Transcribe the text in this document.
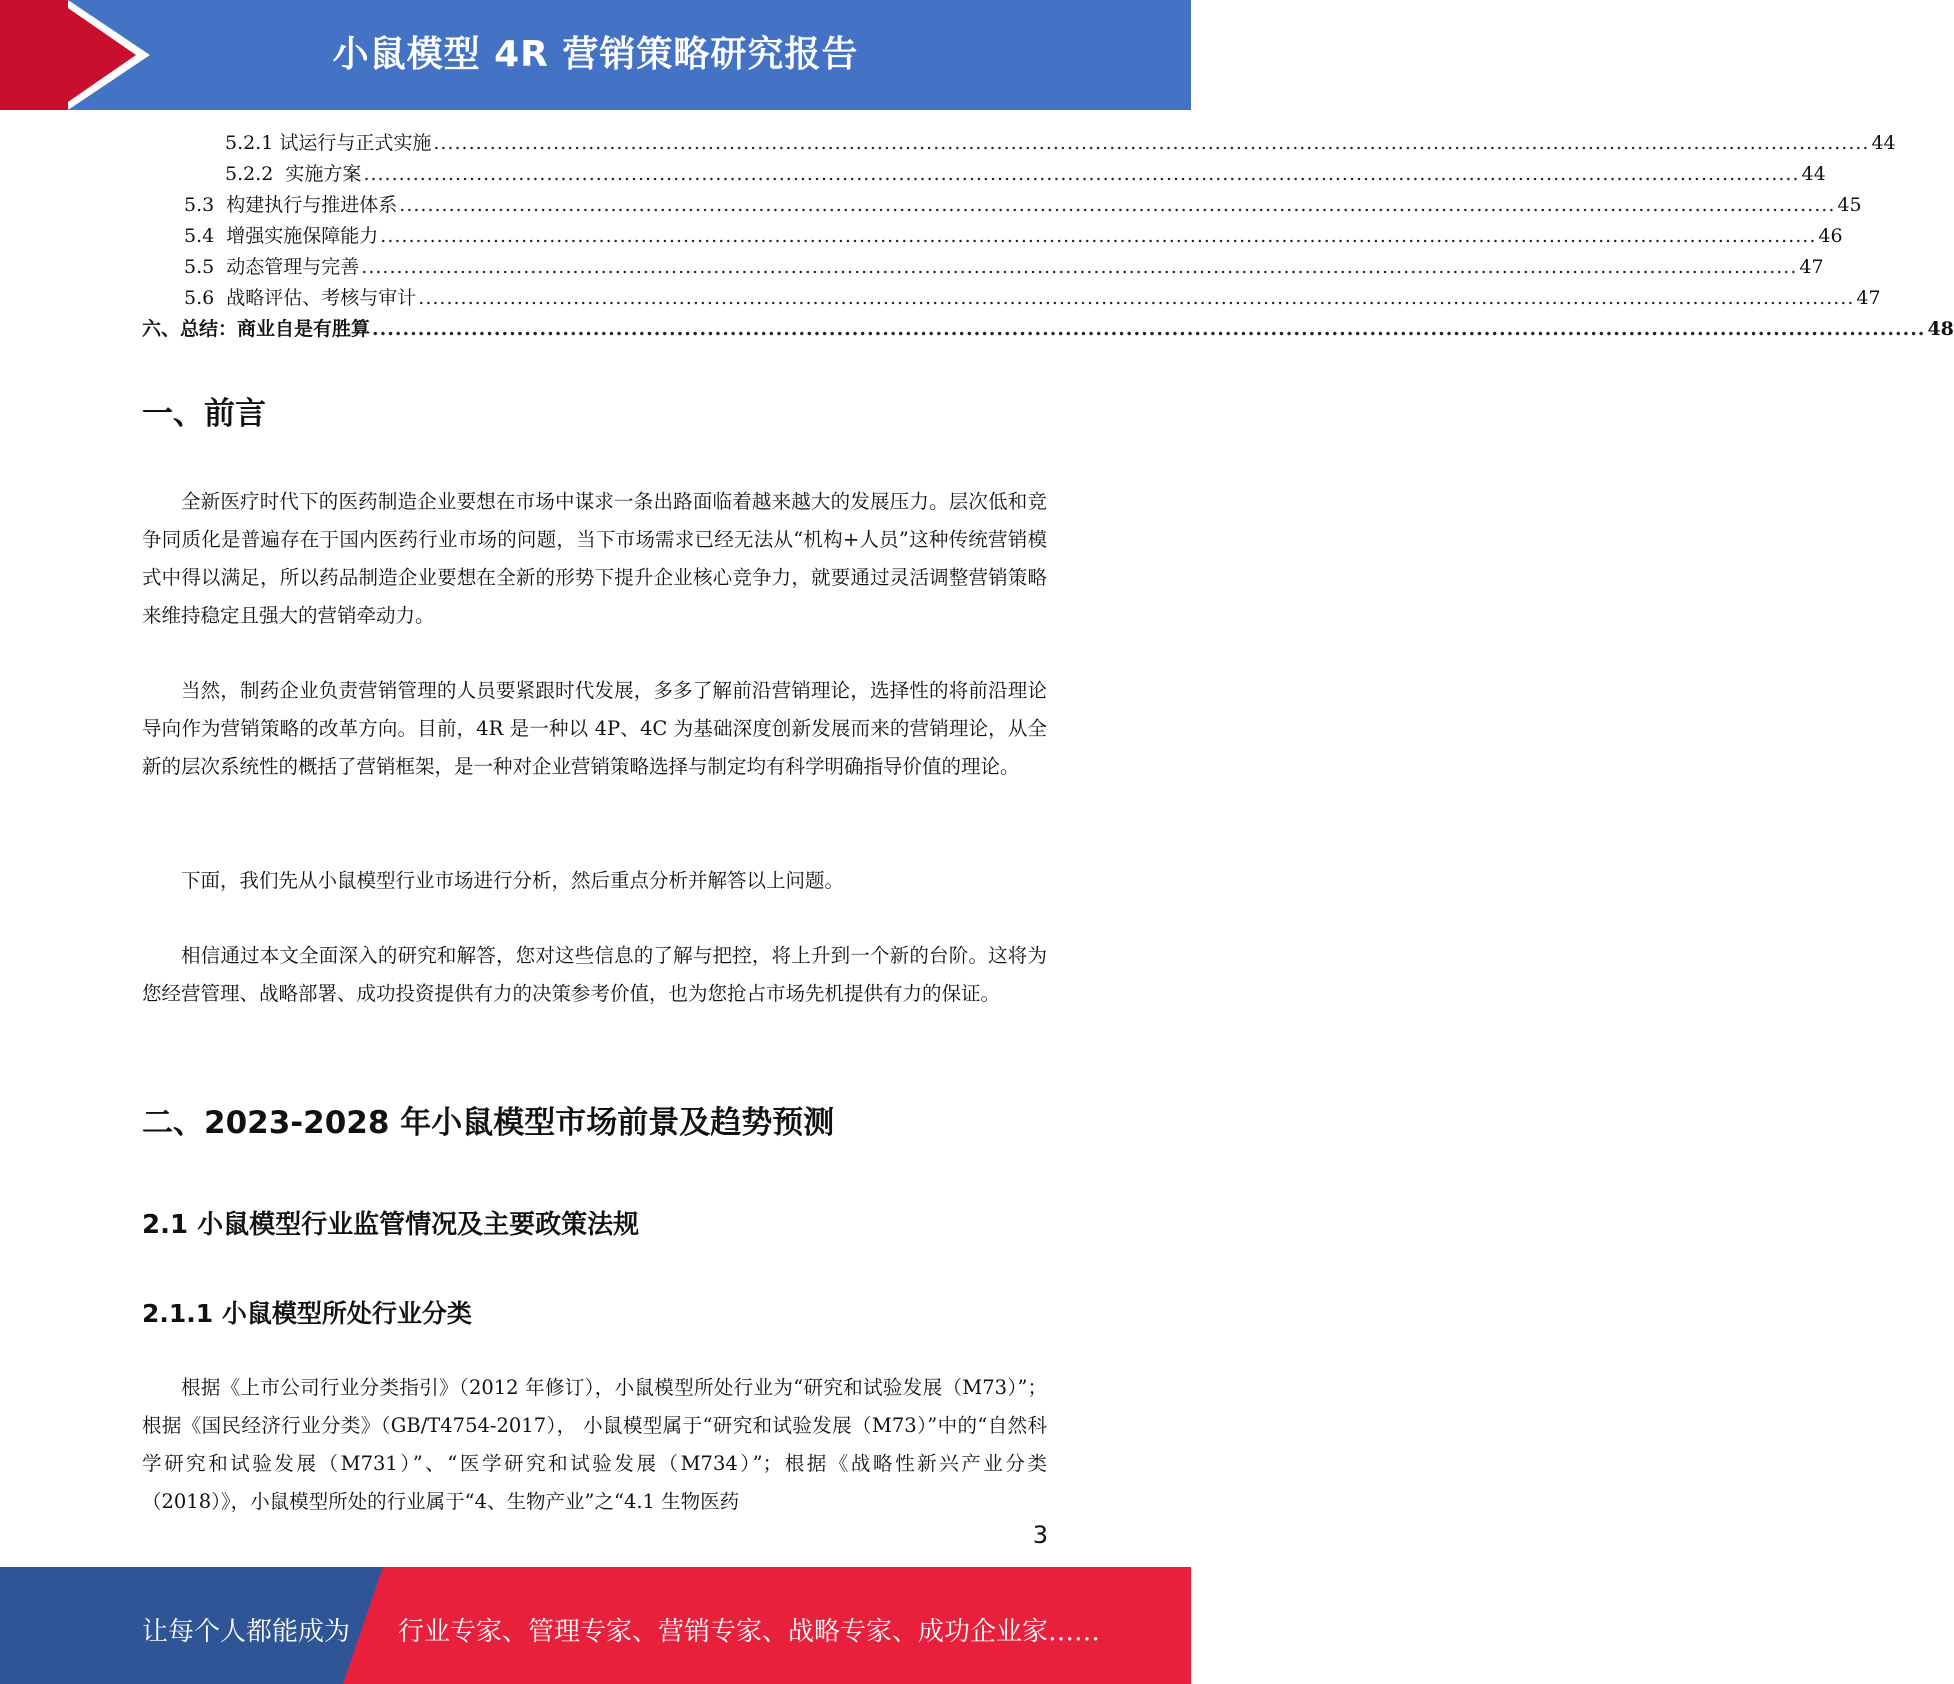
小鼠模型 4R 营销策略研究报告
5.2.1 试运行与正式实施 ............................................................................................................................................................................................................ 44
5.2.2  实施方案 ............................................................................................................................................................................................................ 44
5.3  构建执行与推进体系 ............................................................................................................................................................................................................ 45
5.4  增强实施保障能力 ............................................................................................................................................................................................................ 46
5.5  动态管理与完善 ............................................................................................................................................................................................................ 47
5.6  战略评估、考核与审计 ............................................................................................................................................................................................................ 47
六、总结：商业自是有胜算 ............................................................................................................................................................................................................ 48
一、前言

全新医疗时代下的医药制造企业要想在市场中谋求一条出路面临着越来越大的发展压力。层次低和竞争同质化是普遍存在于国内医药行业市场的问题，当下市场需求已经无法从“机构+人员”这种传统营销模式中得以满足，所以药品制造企业要想在全新的形势下提升企业核心竞争力，就要通过灵活调整营销策略来维持稳定且强大的营销牵动力。

当然，制药企业负责营销管理的人员要紧跟时代发展，多多了解前沿营销理论，选择性的将前沿理论导向作为营销策略的改革方向。目前，4R 是一种以 4P、4C 为基础深度创新发展而来的营销理论，从全新的层次系统性的概括了营销框架，是一种对企业营销策略选择与制定均有科学明确指导价值的理论。

下面，我们先从小鼠模型行业市场进行分析，然后重点分析并解答以上问题。

相信通过本文全面深入的研究和解答，您对这些信息的了解与把控，将上升到一个新的台阶。这将为您经营管理、战略部署、成功投资提供有力的决策参考价值，也为您抢占市场先机提供有力的保证。

二、2023-2028 年小鼠模型市场前景及趋势预测
2.1 小鼠模型行业监管情况及主要政策法规
2.1.1 小鼠模型所处行业分类

根据《上市公司行业分类指引》（2012 年修订），小鼠模型所处行业为“研究和试验发展（M73）”；根据《国民经济行业分类》（GB/T4754-2017）， 小鼠模型属于“研究和试验发展（M73）”中的“自然科学研究和试验发展（M731）”、“医学研究和试验发展（M734）”；根据《战略性新兴产业分类（2018）》，小鼠模型所处的行业属于“4、生物产业”之“4.1 生物医药

3
让每个人都能成为 行业专家、管理专家、营销专家、战略专家、成功企业家……
